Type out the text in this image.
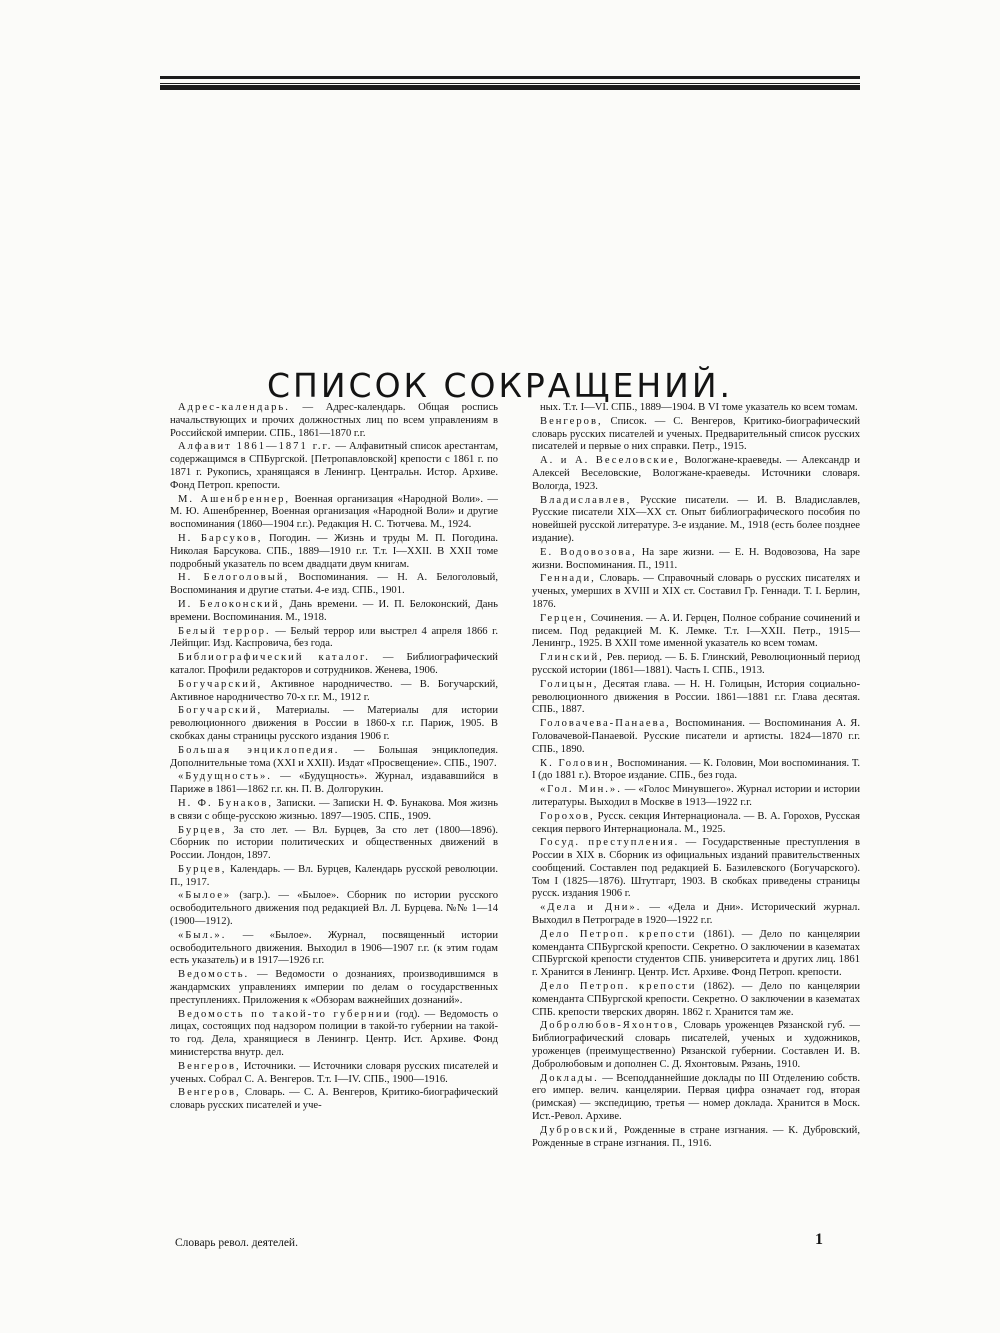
СПИСОК СОКРАЩЕНИЙ.

Адрес-календарь. — Адрес-календарь. Общая роспись начальствующих и прочих должностных лиц по всем управлениям в Российской империи. СПБ., 1861—1870 г.г.

Алфавит 1861—1871 г.г. — Алфавитный список арестантам, содержащимся в СПБургской. [Петропавловской] крепости с 1861 г. по 1871 г. Рукопись, хранящаяся в Ленингр. Центральн. Истор. Архиве. Фонд Петроп. крепости.

М. Ашенбреннер, Военная организация «Народной Воли». — М. Ю. Ашенбреннер, Военная организация «Народной Воли» и другие воспоминания (1860—1904 г.г.). Редакция Н. С. Тютчева. М., 1924.

Н. Барсуков, Погодин. — Жизнь и труды М. П. Погодина. Николая Барсукова. СПБ., 1889—1910 г.г. Т.т. I—XXII. В XXII томе подробный указатель по всем двадцати двум книгам.

Н. Белоголовый, Воспоминания. — Н. А. Белоголовый, Воспоминания и другие статьи. 4-е изд. СПБ., 1901.

И. Белоконский, Дань времени. — И. П. Белоконский, Дань времени. Воспоминания. М., 1918.

Белый террор. — Белый террор или выстрел 4 апреля 1866 г. Лейпциг. Изд. Каспровича, без года.

Библиографический каталог. — Библиографический каталог. Профили редакторов и сотрудников. Женева, 1906.

Богучарский, Активное народничество. — В. Богучарский, Активное народничество 70-х г.г. М., 1912 г.

Богучарский, Материалы. — Материалы для истории революционного движения в России в 1860-х г.г. Париж, 1905. В скобках даны страницы русского издания 1906 г.

Большая энциклопедия. — Большая энциклопедия. Дополнительные тома (XXI и XXII). Издат «Просвещение». СПБ., 1907.

«Будущность». — «Будущность». Журнал, издававшийся в Париже в 1861—1862 г.г. кн. П. В. Долгорукин.

Н. Ф. Бунаков, Записки. — Записки Н. Ф. Бунакова. Моя жизнь в связи с обще-русскою жизнью. 1897—1905. СПБ., 1909.

Бурцев, За сто лет. — Вл. Бурцев, За сто лет (1800—1896). Сборник по истории политических и общественных движений в России. Лондон, 1897.

Бурцев, Календарь. — Вл. Бурцев, Календарь русской революции. П., 1917.

«Былое» (загр.). — «Былое». Сборник по истории русского освободительного движения под редакцией Вл. Л. Бурцева. №№ 1—14 (1900—1912).

«Был.». — «Былое». Журнал, посвященный истории освободительного движения. Выходил в 1906—1907 г.г. (к этим годам есть указатель) и в 1917—1926 г.г.

Ведомость. — Ведомости о дознаниях, производившимся в жандармских управлениях империи по делам о государственных преступлениях. Приложения к «Обзорам важнейших дознаний».

Ведомость по такой-то губернии (год). — Ведомость о лицах, состоящих под надзором полиции в такой-то губернии на такой-то год. Дела, хранящиеся в Ленингр. Центр. Ист. Архиве. Фонд министерства внутр. дел.

Венгеров, Источники. — Источники словаря русских писателей и ученых. Собрал С. А. Венгеров. Т.т. I—IV. СПБ., 1900—1916.

Венгеров, Словарь. — С. А. Венгеров, Критико-биографический словарь русских писателей и уче-

ных. Т.т. I—VI. СПБ., 1889—1904. В VI томе указатель ко всем томам.

Венгеров, Список. — С. Венгеров, Критико-биографический словарь русских писателей и ученых. Предварительный список русских писателей и первые о них справки. Петр., 1915.

А. и А. Веселовские, Вологжане-краеведы. — Александр и Алексей Веселовские, Вологжане-краеведы. Источники словаря. Вологда, 1923.

Владиславлев, Русские писатели. — И. В. Владиславлев, Русские писатели XIX—XX ст. Опыт библиографического пособия по новейшей русской литературе. 3-е издание. М., 1918 (есть более позднее издание).

Е. Водовозова, На заре жизни. — Е. Н. Водовозова, На заре жизни. Воспоминания. П., 1911.

Геннади, Словарь. — Справочный словарь о русских писателях и ученых, умерших в XVIII и XIX ст. Составил Гр. Геннади. Т. I. Берлин, 1876.

Герцен, Сочинения. — А. И. Герцен, Полное собрание сочинений и писем. Под редакцией М. К. Лемке. Т.т. I—XXII. Петр., 1915—Ленингр., 1925. В XXII томе именной указатель ко всем томам.

Глинский, Рев. период. — Б. Б. Глинский, Революционный период русской истории (1861—1881). Часть I. СПБ., 1913.

Голицын, Десятая глава. — Н. Н. Голицын, История социально-революционного движения в России. 1861—1881 г.г. Глава десятая. СПБ., 1887.

Головачева-Панаева, Воспоминания. — Воспоминания А. Я. Головачевой-Панаевой. Русские писатели и артисты. 1824—1870 г.г. СПБ., 1890.

К. Головин, Воспоминания. — К. Головин, Мои воспоминания. Т. I (до 1881 г.). Второе издание. СПБ., без года.

«Гол. Мин.». — «Голос Минувшего». Журнал истории и истории литературы. Выходил в Москве в 1913—1922 г.г.

Горохов, Русск. секция Интернационала. — В. А. Горохов, Русская секция первого Интернационала. М., 1925.

Госуд. преступления. — Государственные преступления в России в XIX в. Сборник из официальных изданий правительственных сообщений. Составлен под редакцией Б. Базилевского (Богучарского). Том I (1825—1876). Штутгарт, 1903. В скобках приведены страницы русск. издания 1906 г.

«Дела и Дни». — «Дела и Дни». Исторический журнал. Выходил в Петрограде в 1920—1922 г.г.

Дело Петроп. крепости (1861). — Дело по канцелярии коменданта СПБургской крепости. Секретно. О заключении в казематах СПБургской крепости студентов СПБ. университета и других лиц. 1861 г. Хранится в Ленингр. Центр. Ист. Архиве. Фонд Петроп. крепости.

Дело Петроп. крепости (1862). — Дело по канцелярии коменданта СПБургской крепости. Секретно. О заключении в казематах СПБ. крепости тверских дворян. 1862 г. Хранится там же.

Добролюбов-Яхонтов, Словарь уроженцев Рязанской губ. — Библиографический словарь писателей, ученых и художников, уроженцев (преимущественно) Рязанской губернии. Составлен И. В. Добролюбовым и дополнен С. Д. Яхонтовым. Рязань, 1910.

Доклады. — Всеподданнейшие доклады по III Отделению собств. его импер. велич. канцелярии. Первая цифра означает год, вторая (римская) — экспедицию, третья — номер доклада. Хранится в Моск. Ист.-Револ. Архиве.

Дубровский, Рожденные в стране изгнания. — К. Дубровский, Рожденные в стране изгнания. П., 1916.

Словарь револ. деятелей.	1
